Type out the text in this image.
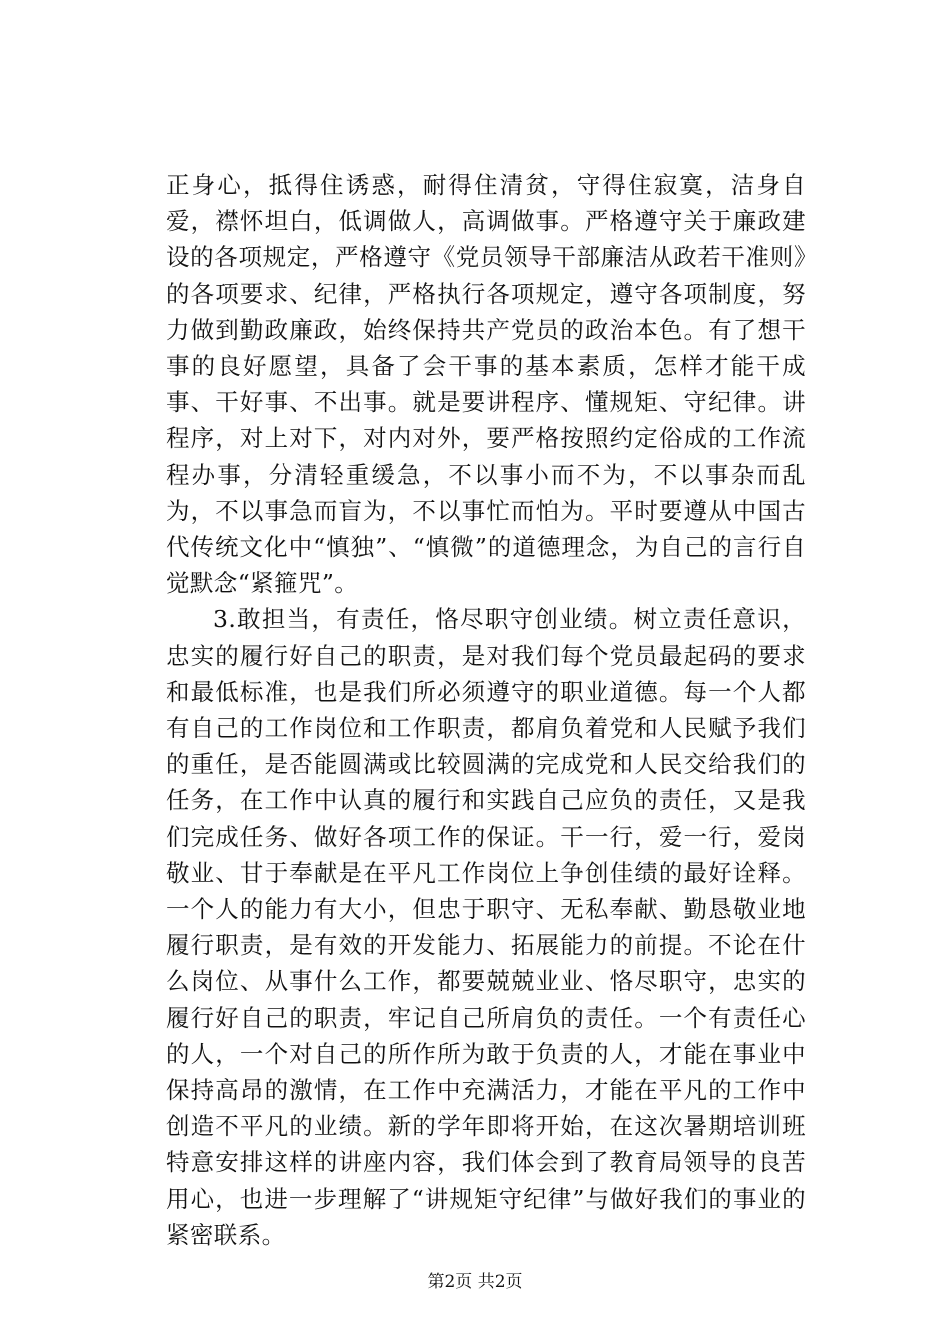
正身心，抵得住诱惑，耐得住清贫，守得住寂寞，洁身自爱，襟怀坦白，低调做人，高调做事。严格遵守关于廉政建设的各项规定，严格遵守《党员领导干部廉洁从政若干准则》的各项要求、纪律，严格执行各项规定，遵守各项制度，努力做到勤政廉政，始终保持共产党员的政治本色。有了想干事的良好愿望，具备了会干事的基本素质，怎样才能干成事、干好事、不出事。就是要讲程序、懂规矩、守纪律。讲程序，对上对下，对内对外，要严格按照约定俗成的工作流程办事，分清轻重缓急，不以事小而不为，不以事杂而乱为，不以事急而盲为，不以事忙而怕为。平时要遵从中国古代传统文化中“慎独”、“慎微”的道德理念，为自己的言行自觉默念“紧箍咒”。

3.敢担当，有责任，恪尽职守创业绩。树立责任意识，忠实的履行好自己的职责，是对我们每个党员最起码的要求和最低标准，也是我们所必须遵守的职业道德。每一个人都有自己的工作岗位和工作职责，都肩负着党和人民赋予我们的重任，是否能圆满或比较圆满的完成党和人民交给我们的任务，在工作中认真的履行和实践自己应负的责任，又是我们完成任务、做好各项工作的保证。干一行，爱一行，爱岗敬业、甘于奉献是在平凡工作岗位上争创佳绩的最好诠释。一个人的能力有大小，但忠于职守、无私奉献、勤恳敬业地履行职责，是有效的开发能力、拓展能力的前提。不论在什么岗位、从事什么工作，都要兢兢业业、恪尽职守，忠实的履行好自己的职责，牢记自己所肩负的责任。一个有责任心的人，一个对自己的所作所为敢于负责的人，才能在事业中保持高昂的激情，在工作中充满活力，才能在平凡的工作中创造不平凡的业绩。新的学年即将开始，在这次暑期培训班特意安排这样的讲座内容，我们体会到了教育局领导的良苦用心，也进一步理解了“讲规矩守纪律”与做好我们的事业的紧密联系。

第2页 共2页
